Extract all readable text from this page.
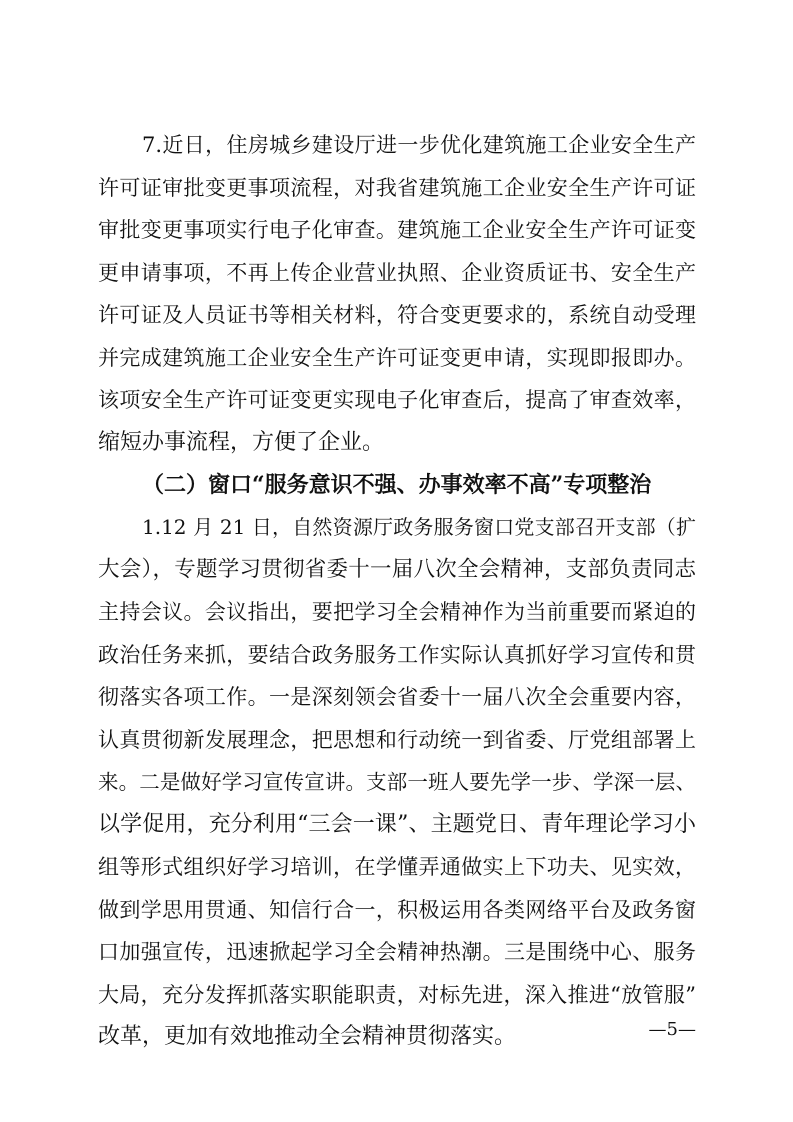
7.近日，住房城乡建设厅进一步优化建筑施工企业安全生产
许可证审批变更事项流程，对我省建筑施工企业安全生产许可证
审批变更事项实行电子化审查。建筑施工企业安全生产许可证变
更申请事项，不再上传企业营业执照、企业资质证书、安全生产
许可证及人员证书等相关材料，符合变更要求的，系统自动受理
并完成建筑施工企业安全生产许可证变更申请，实现即报即办。
该项安全生产许可证变更实现电子化审查后，提高了审查效率，
缩短办事流程，方便了企业。
（二）窗口“服务意识不强、办事效率不高”专项整治
1.12 月 21 日，自然资源厅政务服务窗口党支部召开支部（扩
大会），专题学习贯彻省委十一届八次全会精神，支部负责同志
主持会议。会议指出，要把学习全会精神作为当前重要而紧迫的
政治任务来抓，要结合政务服务工作实际认真抓好学习宣传和贯
彻落实各项工作。一是深刻领会省委十一届八次全会重要内容，
认真贯彻新发展理念，把思想和行动统一到省委、厅党组部署上
来。二是做好学习宣传宣讲。支部一班人要先学一步、学深一层、
以学促用，充分利用“三会一课”、主题党日、青年理论学习小
组等形式组织好学习培训，在学懂弄通做实上下功夫、见实效，
做到学思用贯通、知信行合一，积极运用各类网络平台及政务窗
口加强宣传，迅速掀起学习全会精神热潮。三是围绕中心、服务
大局，充分发挥抓落实职能职责，对标先进，深入推进“放管服”
改革，更加有效地推动全会精神贯彻落实。	—5—
